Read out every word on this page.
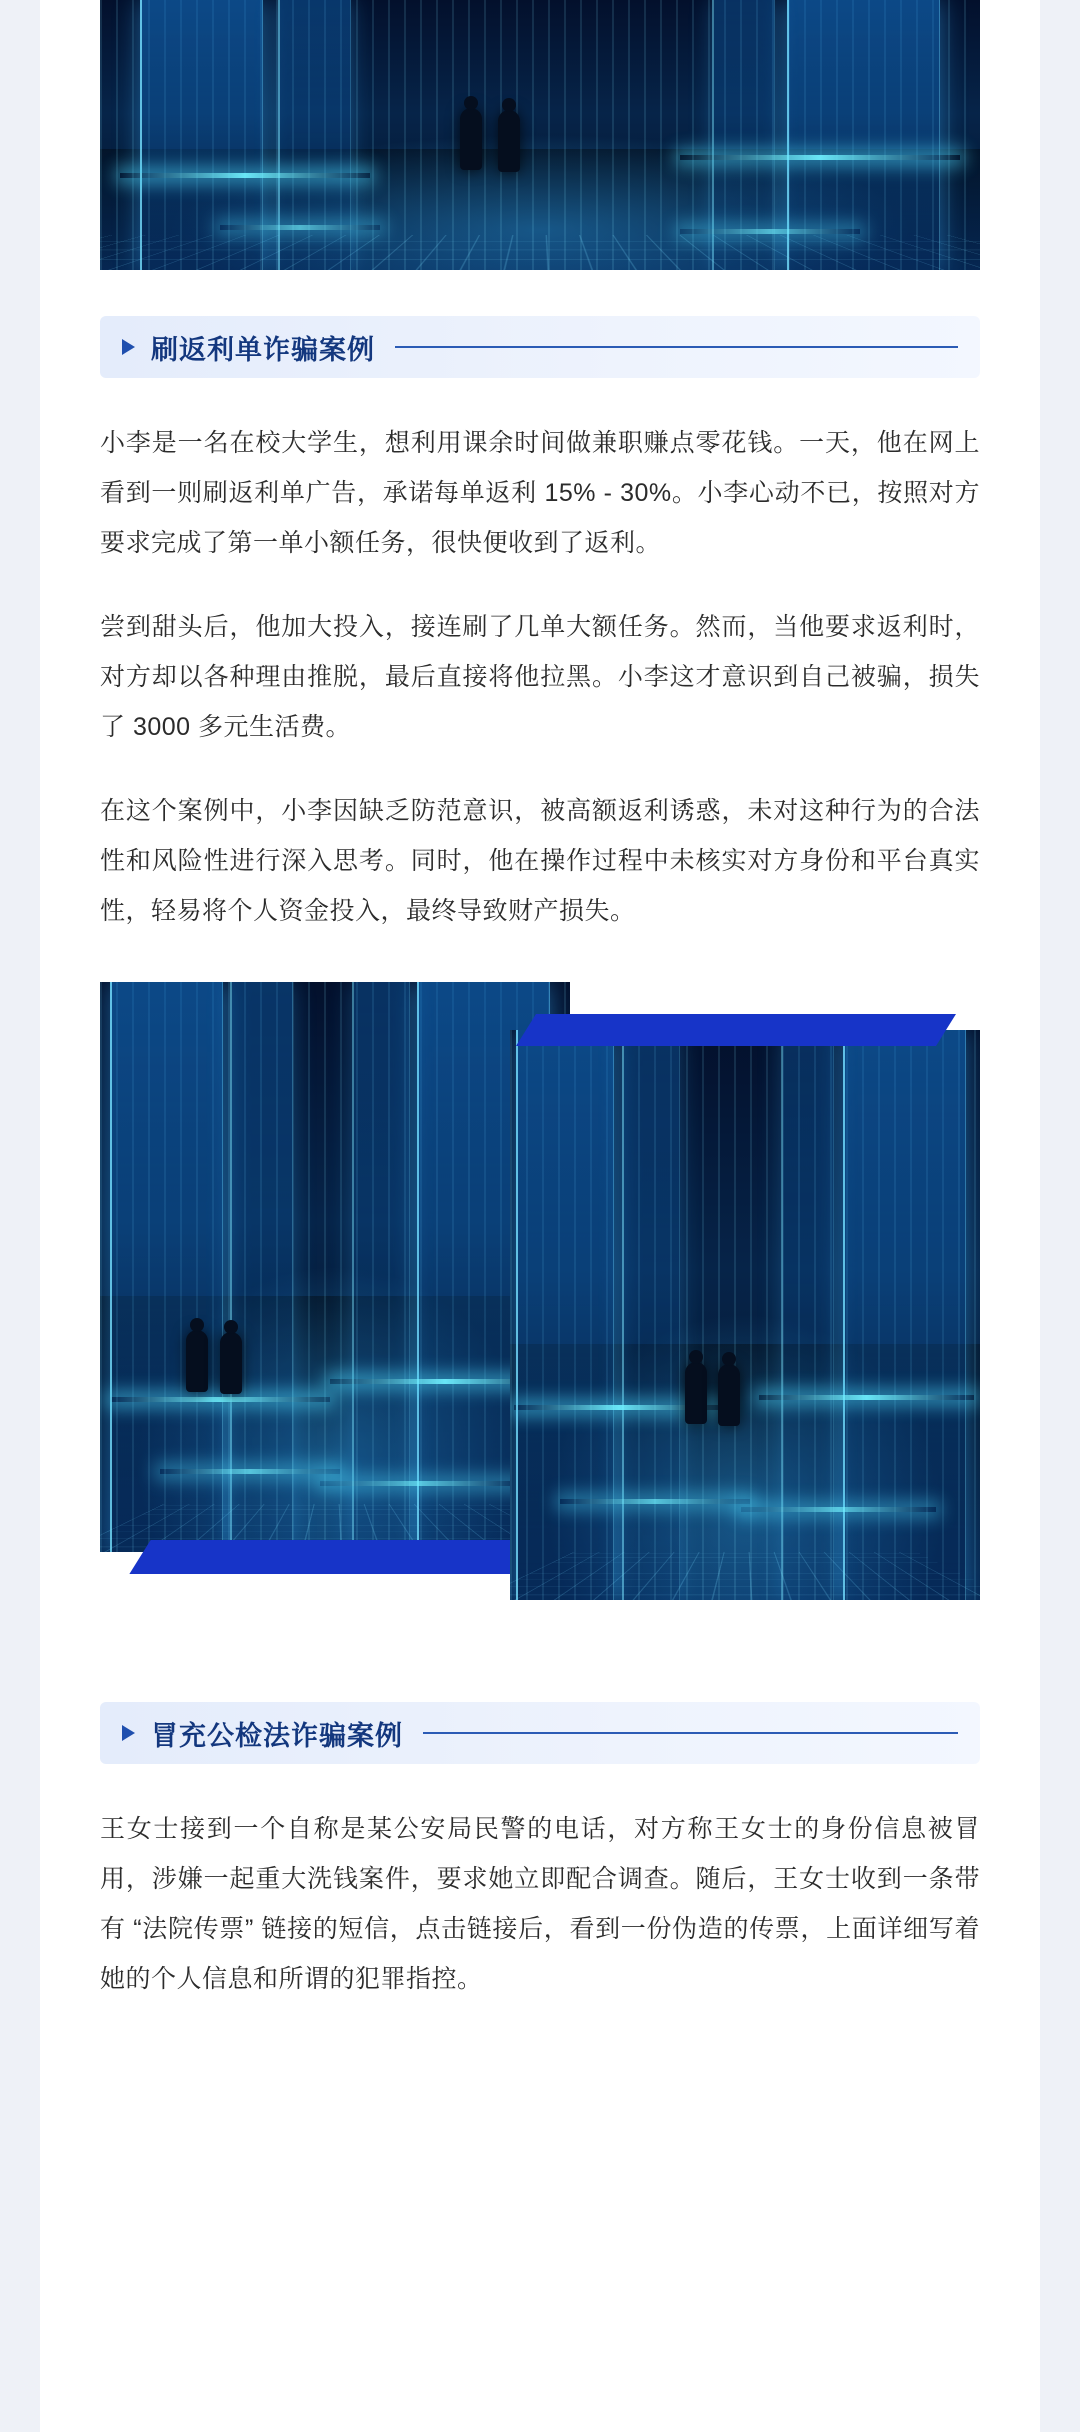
刷返利单诈骗案例

小李是一名在校大学生，想利用课余时间做兼职赚点零花钱。一天，他在网上看到一则刷返利单广告，承诺每单返利 15% - 30%。小李心动不已，按照对方要求完成了第一单小额任务，很快便收到了返利。

尝到甜头后，他加大投入，接连刷了几单大额任务。然而，当他要求返利时，对方却以各种理由推脱，最后直接将他拉黑。小李这才意识到自己被骗，损失了 3000 多元生活费。

在这个案例中，小李因缺乏防范意识，被高额返利诱惑，未对这种行为的合法性和风险性进行深入思考。同时，他在操作过程中未核实对方身份和平台真实性，轻易将个人资金投入，最终导致财产损失。

冒充公检法诈骗案例

王女士接到一个自称是某公安局民警的电话，对方称王女士的身份信息被冒用，涉嫌一起重大洗钱案件，要求她立即配合调查。随后，王女士收到一条带有 “法院传票” 链接的短信，点击链接后，看到一份伪造的传票，上面详细写着她的个人信息和所谓的犯罪指控。
